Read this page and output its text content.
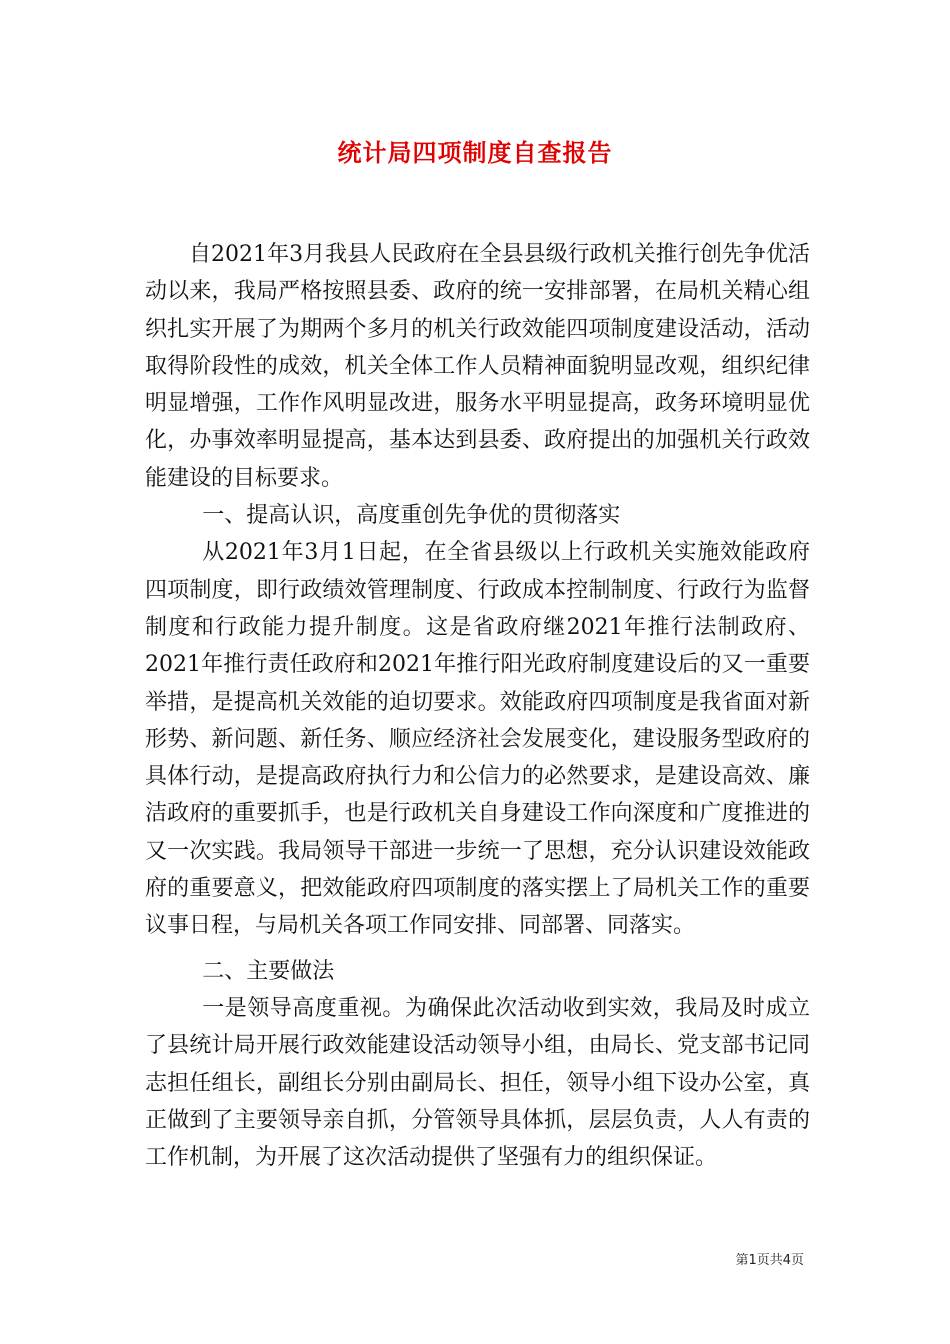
统计局四项制度自查报告

自2021年3月我县人民政府在全县县级行政机关推行创先争优活动以来，我局严格按照县委、政府的统一安排部署，在局机关精心组织扎实开展了为期两个多月的机关行政效能四项制度建设活动，活动取得阶段性的成效，机关全体工作人员精神面貌明显改观，组织纪律明显增强，工作作风明显改进，服务水平明显提高，政务环境明显优化，办事效率明显提高，基本达到县委、政府提出的加强机关行政效能建设的目标要求。

一、提高认识，高度重创先争优的贯彻落实

从2021年3月1日起，在全省县级以上行政机关实施效能政府四项制度，即行政绩效管理制度、行政成本控制制度、行政行为监督制度和行政能力提升制度。这是省政府继2021年推行法制政府、2021年推行责任政府和2021年推行阳光政府制度建设后的又一重要举措，是提高机关效能的迫切要求。效能政府四项制度是我省面对新形势、新问题、新任务、顺应经济社会发展变化，建设服务型政府的具体行动，是提高政府执行力和公信力的必然要求，是建设高效、廉洁政府的重要抓手，也是行政机关自身建设工作向深度和广度推进的又一次实践。我局领导干部进一步统一了思想，充分认识建设效能政府的重要意义，把效能政府四项制度的落实摆上了局机关工作的重要议事日程，与局机关各项工作同安排、同部署、同落实。

二、主要做法

一是领导高度重视。为确保此次活动收到实效，我局及时成立了县统计局开展行政效能建设活动领导小组，由局长、党支部书记同志担任组长，副组长分别由副局长、担任，领导小组下设办公室，真正做到了主要领导亲自抓，分管领导具体抓，层层负责，人人有责的工作机制，为开展了这次活动提供了坚强有力的组织保证。

第1页共4页
